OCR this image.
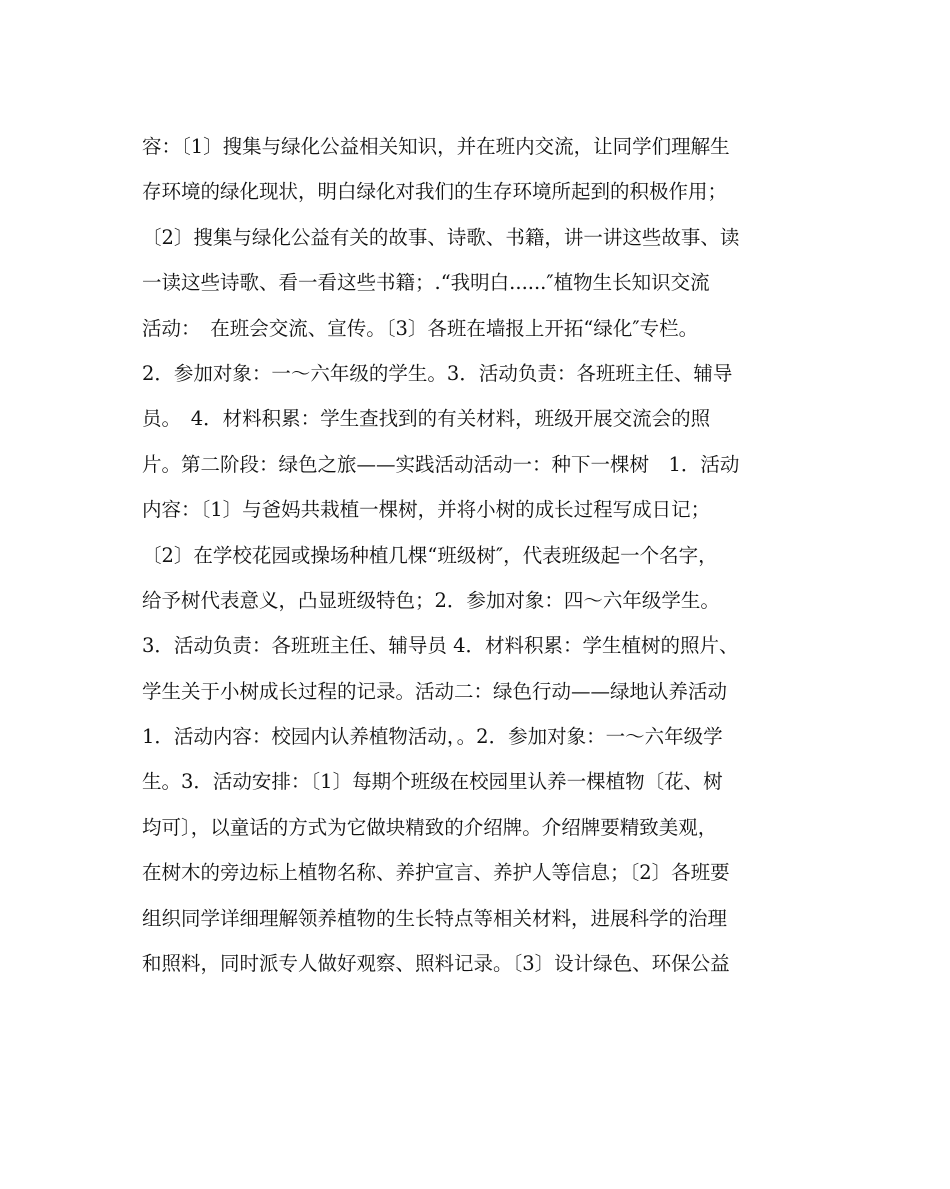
容：〔1〕搜集与绿化公益相关知识，并在班内交流，让同学们理解生
存环境的绿化现状，明白绿化对我们的生存环境所起到的积极作用；
〔2〕搜集与绿化公益有关的故事、诗歌、书籍，讲一讲这些故事、读
一读这些诗歌、看一看这些书籍；.“我明白......″植物生长知识交流
活动：　在班会交流、宣传。〔3〕各班在墙报上开拓“绿化″专栏。
2．参加对象：一～六年级的学生。3．活动负责：各班班主任、辅导
员。　4．材料积累：学生查找到的有关材料，班级开展交流会的照
片。第二阶段：绿色之旅——实践活动活动一：种下一棵树　1．活动
内容：〔1〕与爸妈共栽植一棵树，并将小树的成长过程写成日记；
〔2〕在学校花园或操场种植几棵“班级树″，代表班级起一个名字，
给予树代表意义，凸显班级特色；2．参加对象：四～六年级学生。
3．活动负责：各班班主任、辅导员 4．材料积累：学生植树的照片、
学生关于小树成长过程的记录。活动二：绿色行动——绿地认养活动
1．活动内容：校园内认养植物活动，。2．参加对象：一～六年级学
生。3．活动安排：〔1〕每期个班级在校园里认养一棵植物〔花、树
均可〕，以童话的方式为它做块精致的介绍牌。介绍牌要精致美观，
在树木的旁边标上植物名称、养护宣言、养护人等信息；〔2〕各班要
组织同学详细理解领养植物的生长特点等相关材料，进展科学的治理
和照料，同时派专人做好观察、照料记录。〔3〕设计绿色、环保公益
